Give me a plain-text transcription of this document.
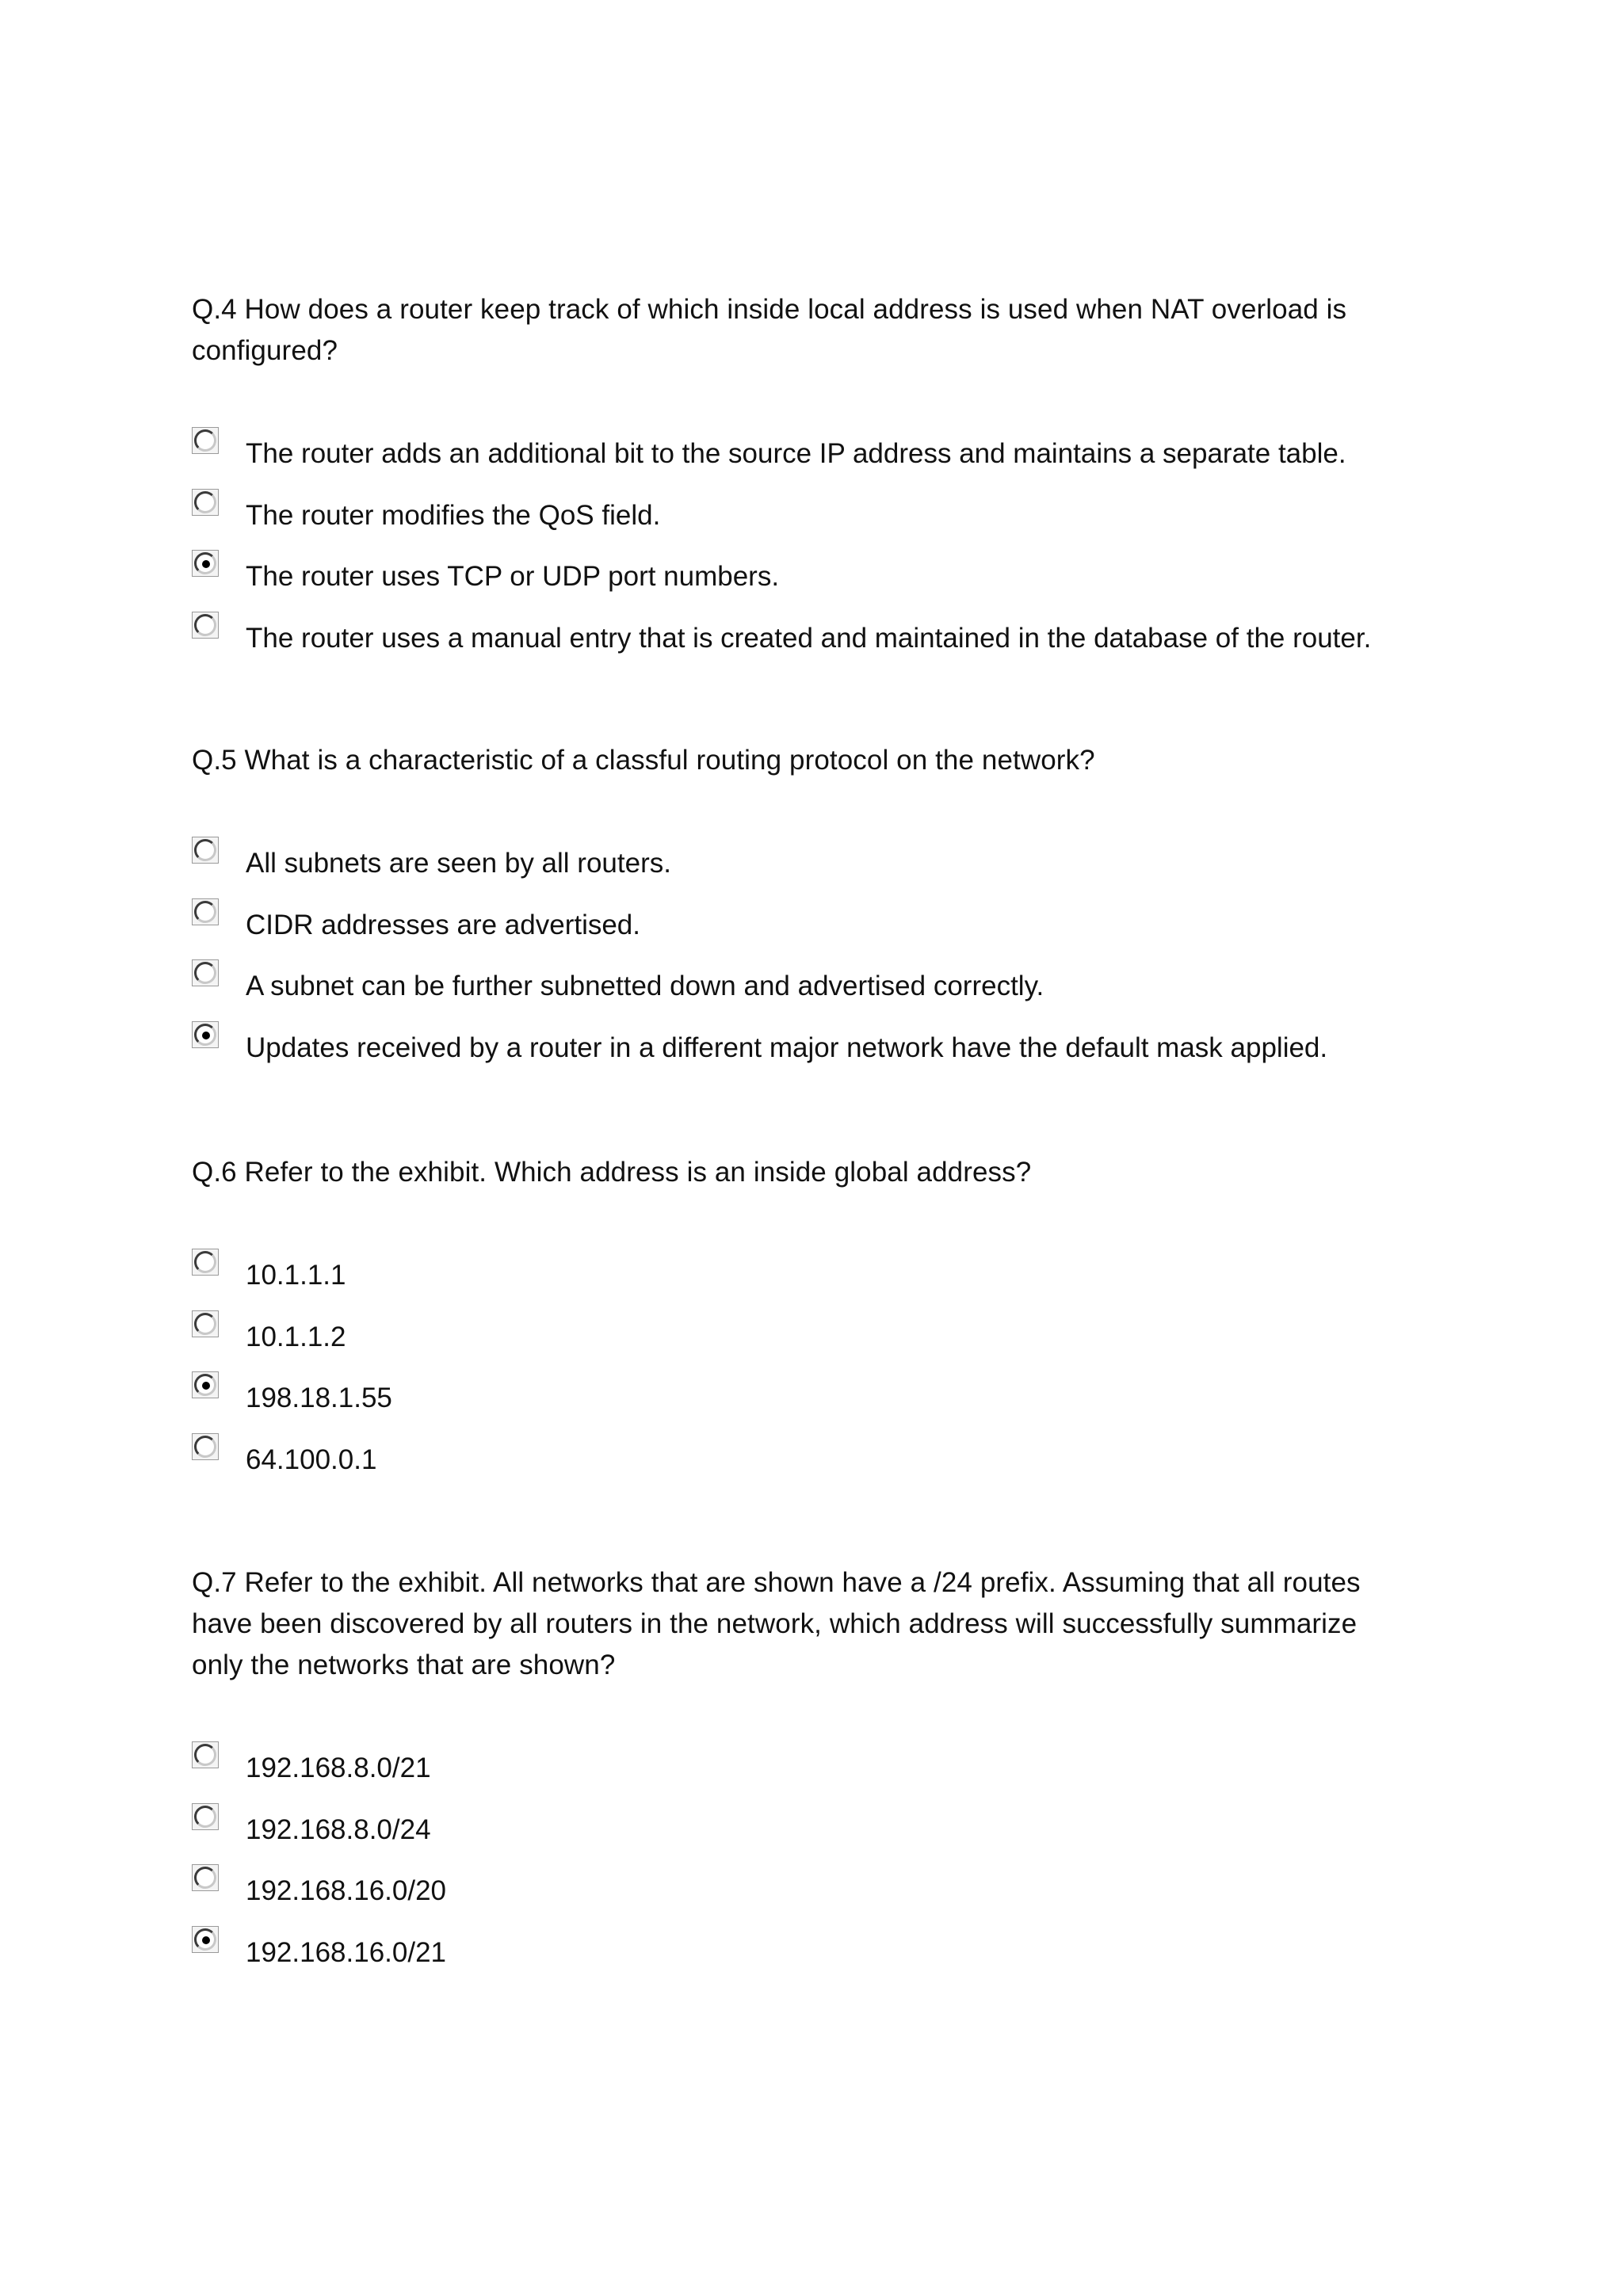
Q.4 How does a router keep track of which inside local address is used when NAT overload is configured?

The router adds an additional bit to the source IP address and maintains a separate table.
The router modifies the QoS field.
The router uses TCP or UDP port numbers.
The router uses a manual entry that is created and maintained in the database of the router.

Q.5 What is a characteristic of a classful routing protocol on the network?

All subnets are seen by all routers.
CIDR addresses are advertised.
A subnet can be further subnetted down and advertised correctly.
Updates received by a router in a different major network have the default mask applied.

Q.6 Refer to the exhibit. Which address is an inside global address?

10.1.1.1
10.1.1.2
198.18.1.55
64.100.0.1

Q.7 Refer to the exhibit. All networks that are shown have a /24 prefix. Assuming that all routes have been discovered by all routers in the network, which address will successfully summarize only the networks that are shown?

192.168.8.0/21
192.168.8.0/24
192.168.16.0/20
192.168.16.0/21
